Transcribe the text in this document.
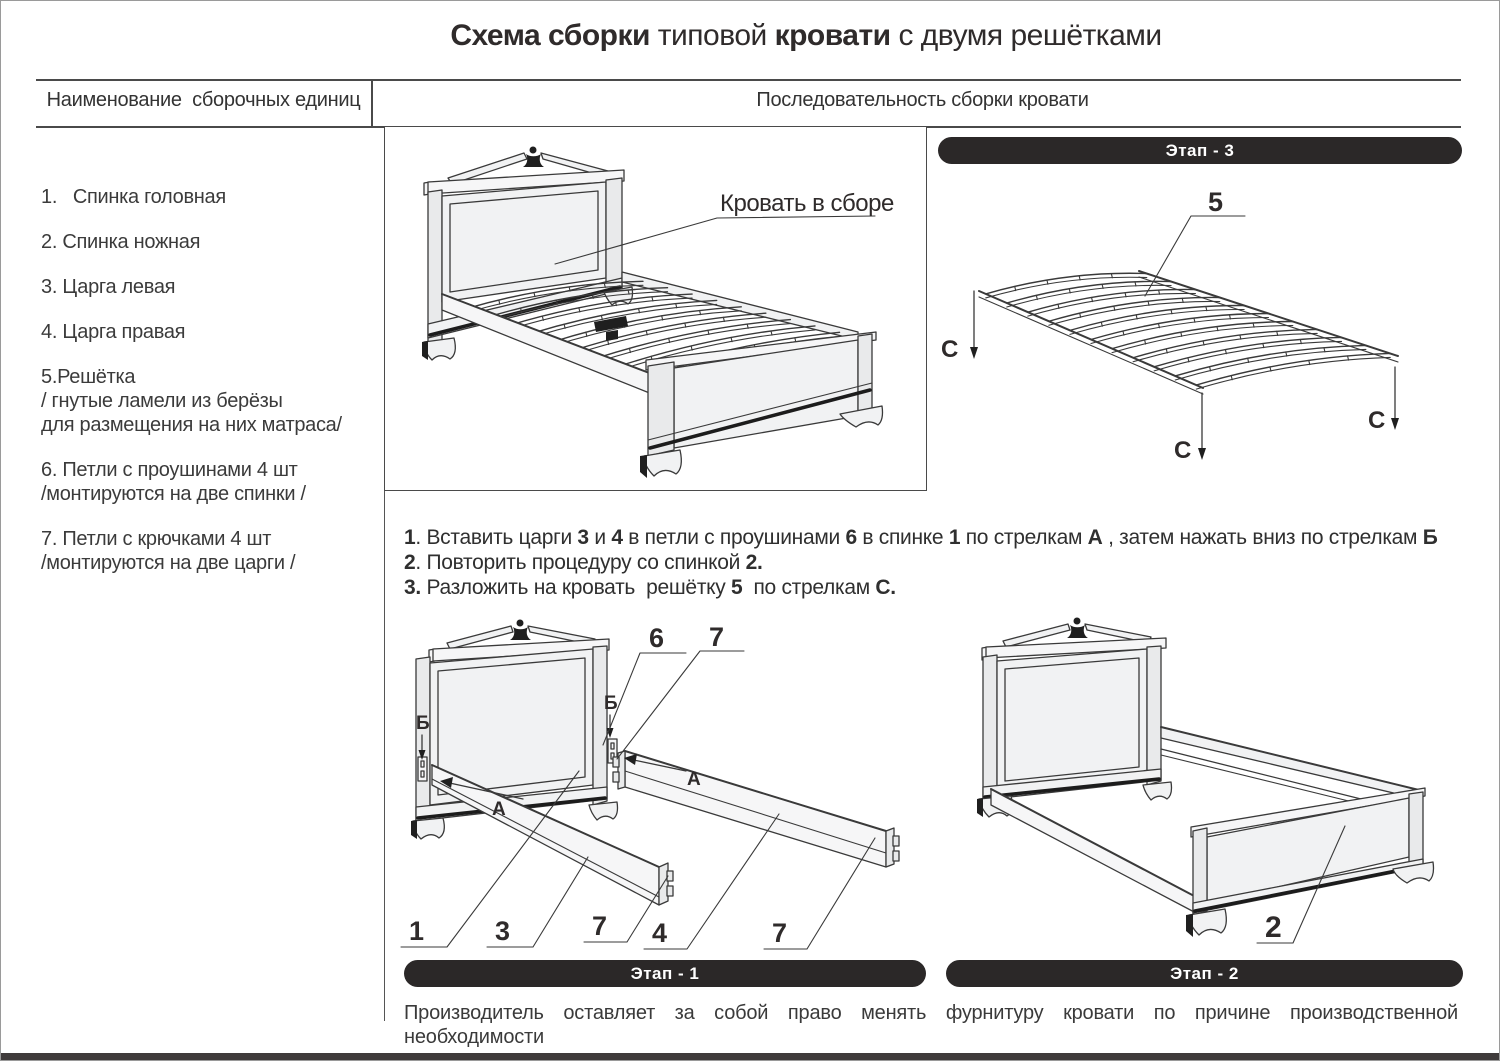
Схема сборки типовой кровати с двумя решётками
Наименование  сборочных единиц	Последовательность сборки кровати
1.   Спинка головная
2. Спинка ножная
3. Царга левая
4. Царга правая
5.Решётка
/ гнутые ламели из берёзы
для размещения на них матраса/
6. Петли с проушинами 4 шт
/монтируются на две спинки /
7. Петли с крючками 4 шт
/монтируются на две царги /
Кровать в сборе
Этап - 3
5
С
С
С
1. Вставить царги 3 и 4 в петли с проушинами 6 в спинке 1 по стрелкам А , затем нажать вниз по стрелкам Б
2. Повторить процедуру со спинкой 2.
3. Разложить на кровать  решётку 5  по стрелкам С.
Б
Б
А
А
6 7
1	3	7 4	7	2
Этап - 1	Этап - 2
Производитель оставляет за собой право менять фурнитуру кровати по причине производственной необходимости
